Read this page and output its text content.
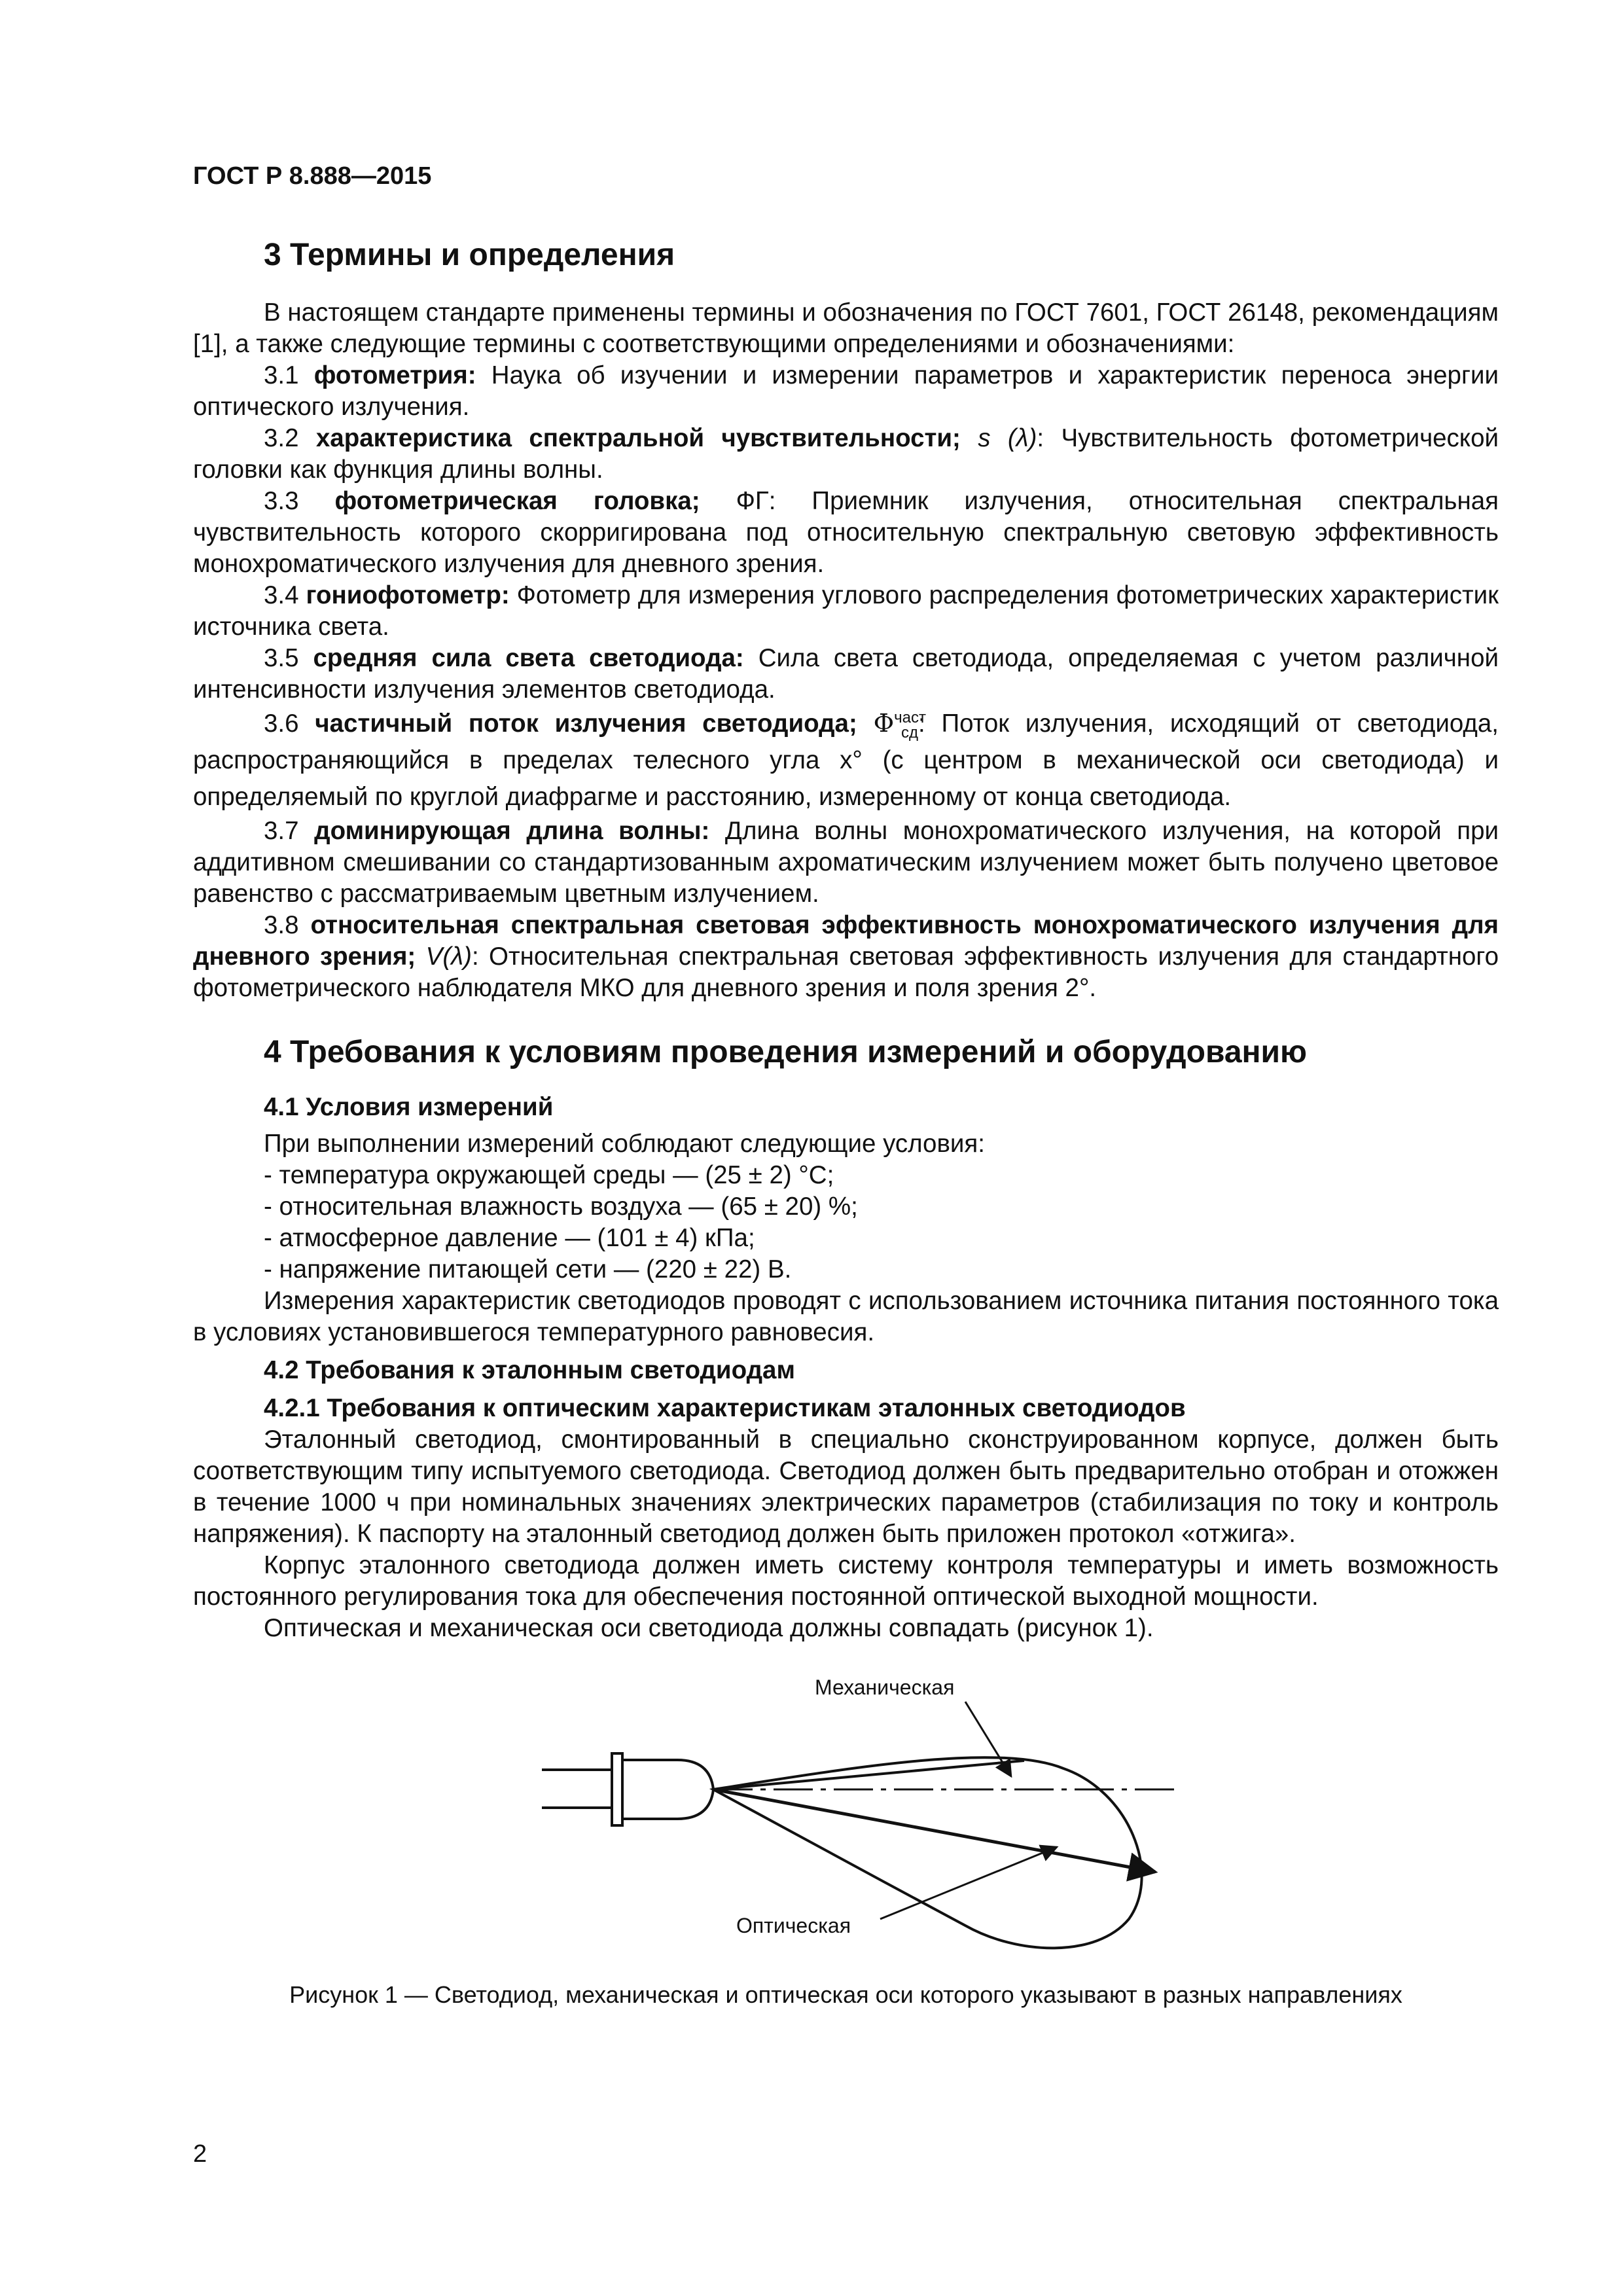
ГОСТ Р 8.888—2015
3 Термины и определения

В настоящем стандарте применены термины и обозначения по ГОСТ 7601, ГОСТ 26148, рекомендациям [1], а также следующие термины с соответствующими определениями и обозначениями:

3.1 фотометрия: Наука об изучении и измерении параметров и характеристик переноса энергии оптического излучения.

3.2 характеристика спектральной чувствительности; s (λ): Чувствительность фотометрической головки как функция длины волны.

3.3 фотометрическая головка; ФГ: Приемник излучения, относительная спектральная чувствительность которого скорригирована под относительную спектральную световую эффективность монохроматического излучения для дневного зрения.

3.4 гониофотометр: Фотометр для измерения углового распределения фотометрических характеристик источника света.

3.5 средняя сила света светодиода: Сила света светодиода, определяемая с учетом различной интенсивности излучения элементов светодиода.

3.6 частичный поток излучения светодиода; $\Phi^{част}_{сд}$: Поток излучения, исходящий от светодиода, распространяющийся в пределах телесного угла x° (с центром в механической оси светодиода) и определяемый по круглой диафрагме и расстоянию, измеренному от конца светодиода.

3.7 доминирующая длина волны: Длина волны монохроматического излучения, на которой при аддитивном смешивании со стандартизованным ахроматическим излучением может быть получено цветовое равенство с рассматриваемым цветным излучением.

3.8 относительная спектральная световая эффективность монохроматического излучения для дневного зрения; V(λ): Относительная спектральная световая эффективность излучения для стандартного фотометрического наблюдателя МКО для дневного зрения и поля зрения 2°.

4 Требования к условиям проведения измерений и оборудованию
4.1 Условия измерений

При выполнении измерений соблюдают следующие условия:

- температура окружающей среды — (25 ± 2) °С;
- относительная влажность воздуха — (65 ± 20) %;
- атмосферное давление — (101 ± 4) кПа;
- напряжение питающей сети — (220 ± 22) В.

Измерения характеристик светодиодов проводят с использованием источника питания постоянного тока в условиях установившегося температурного равновесия.

4.2 Требования к эталонным светодиодам
4.2.1 Требования к оптическим характеристикам эталонных светодиодов

Эталонный светодиод, смонтированный в специально сконструированном корпусе, должен быть соответствующим типу испытуемого светодиода. Светодиод должен быть предварительно отобран и отожжен в течение 1000 ч при номинальных значениях электрических параметров (стабилизация по току и контроль напряжения). К паспорту на эталонный светодиод должен быть приложен протокол «отжига».

Корпус эталонного светодиода должен иметь систему контроля температуры и иметь возможность постоянного регулирования тока для обеспечения постоянной оптической выходной мощности.

Оптическая и механическая оси светодиода должны совпадать (рисунок 1).

Механическая
Оптическая
Рисунок 1 — Светодиод, механическая и оптическая оси которого указывают в разных направлениях
2
